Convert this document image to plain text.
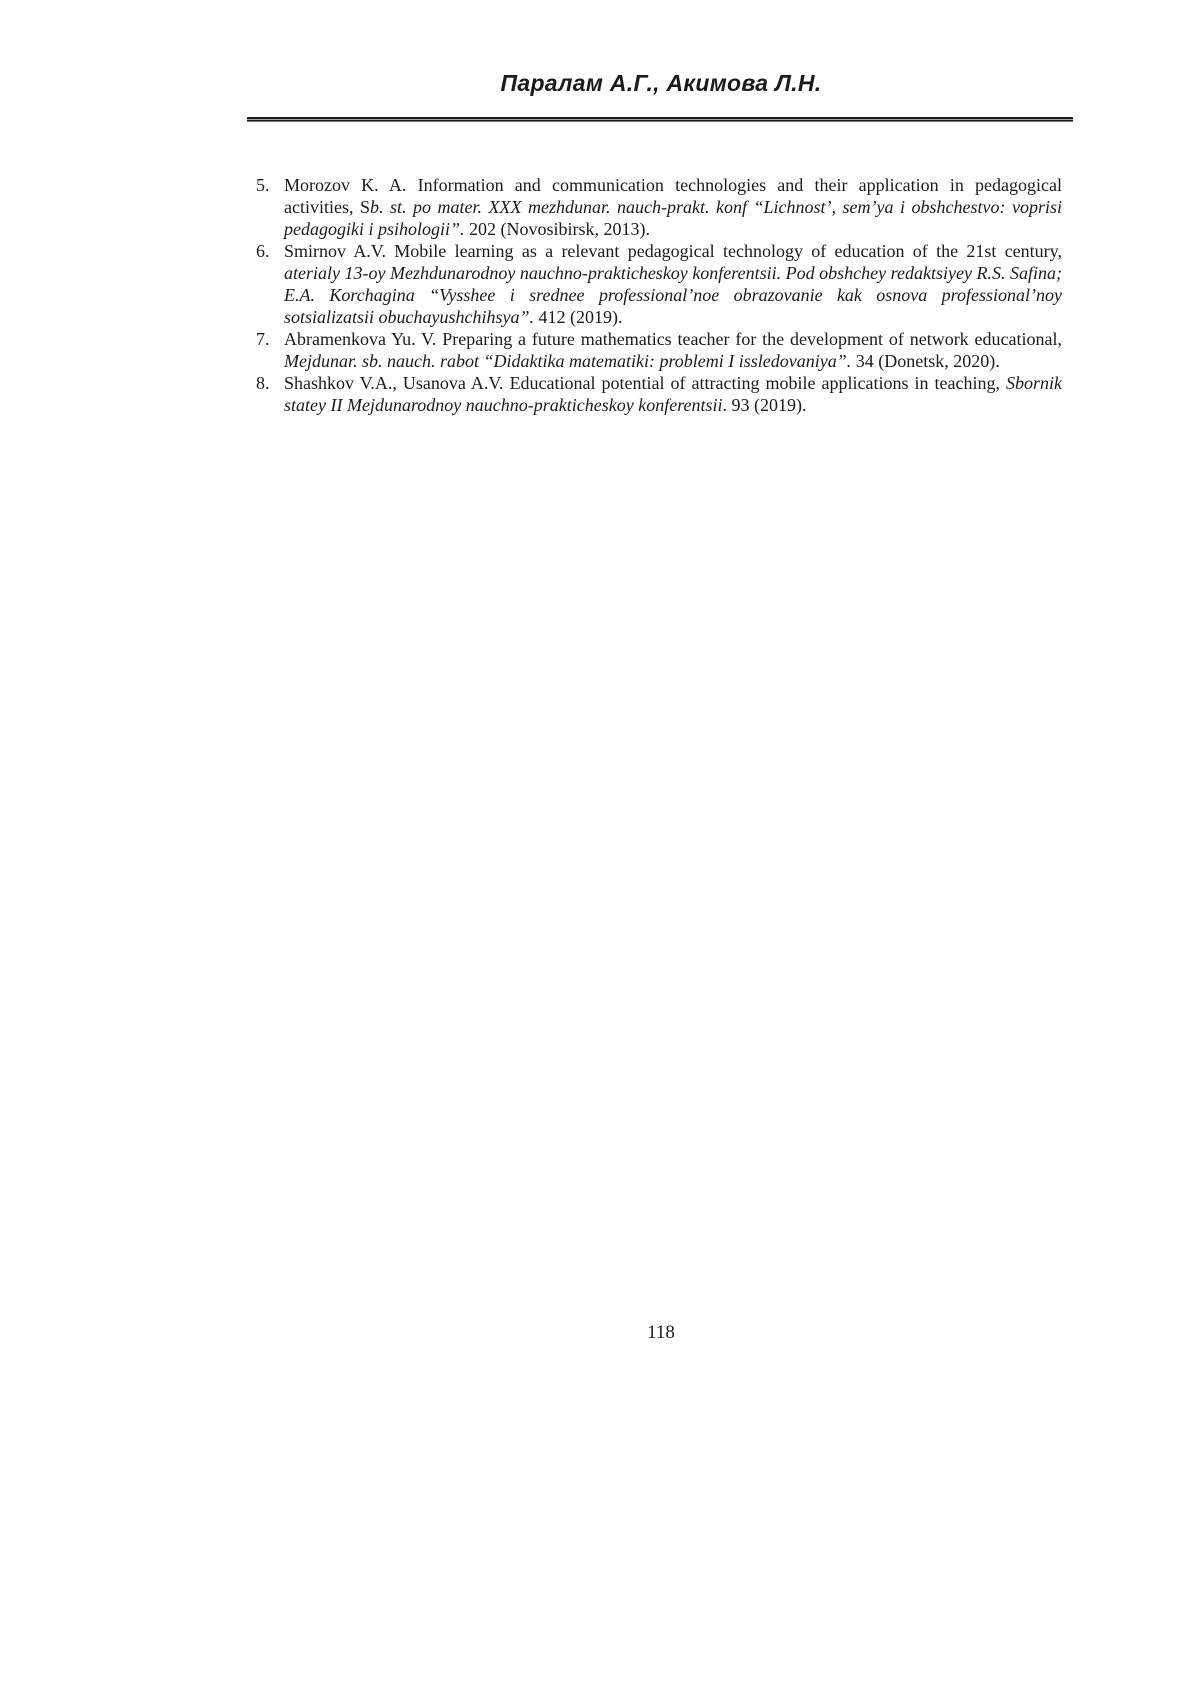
Паралам А.Г., Акимова Л.Н.
5. Morozov K. A. Information and communication technologies and their application in pedagogical activities, Sb. st. po mater. XXX mezhdunar. nauch-prakt. konf “Lichnost’, sem’ya i obshchestvo: voprisi pedagogiki i psihologii”. 202 (Novosibirsk, 2013).
6. Smirnov A.V. Mobile learning as a relevant pedagogical technology of education of the 21st century, aterialy 13-oy Mezhdunarodnoy nauchno-prakticheskoy konferentsii. Pod obshchey redaktsiyey R.S. Safina; E.A. Korchagina “Vysshee i srednee professional’noe obrazovanie kak osnova professional’noy sotsializatsii obuchayushchihsya”. 412 (2019).
7. Abramenkova Yu. V. Preparing a future mathematics teacher for the development of network educational, Mejdunar. sb. nauch. rabot “Didaktika matematiki: problemi I issledovaniya”. 34 (Donetsk, 2020).
8. Shashkov V.A., Usanova A.V. Educational potential of attracting mobile applications in teaching, Sbornik statey II Mejdunarodnoy nauchno-prakticheskoy konferentsii. 93 (2019).
118
